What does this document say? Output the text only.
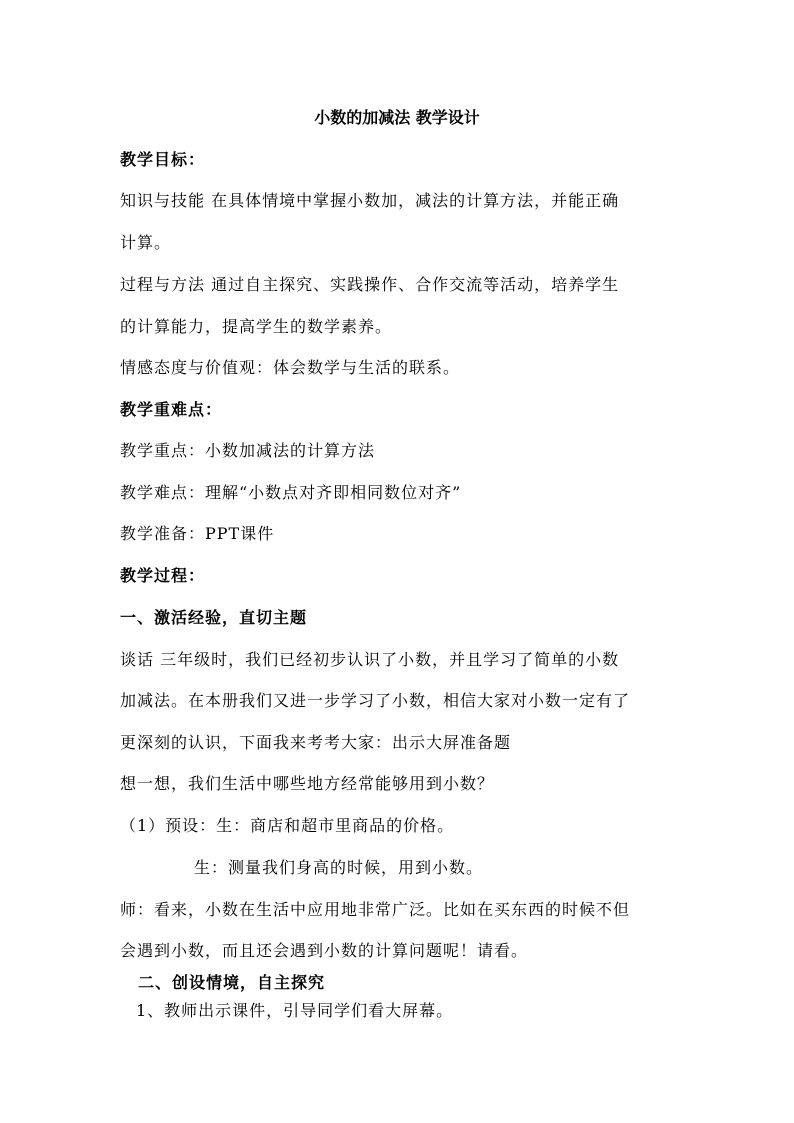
小数的加减法 教学设计
教学目标：
知识与技能 在具体情境中掌握小数加，减法的计算方法，并能正确
计算。
过程与方法 通过自主探究、实践操作、合作交流等活动，培养学生
的计算能力，提高学生的数学素养。
情感态度与价值观：体会数学与生活的联系。
教学重难点：
教学重点：小数加减法的计算方法
教学难点：理解“小数点对齐即相同数位对齐”
教学准备：PPT课件
教学过程：
一、激活经验，直切主题
谈话 三年级时，我们已经初步认识了小数，并且学习了简单的小数
加减法。在本册我们又进一步学习了小数，相信大家对小数一定有了
更深刻的认识，下面我来考考大家：出示大屏准备题
想一想，我们生活中哪些地方经常能够用到小数？
（1）预设：生：商店和超市里商品的价格。
生：测量我们身高的时候，用到小数。
师：看来，小数在生活中应用地非常广泛。比如在买东西的时候不但
会遇到小数，而且还会遇到小数的计算问题呢！请看。
二、创设情境，自主探究
1、教师出示课件，引导同学们看大屏幕。
